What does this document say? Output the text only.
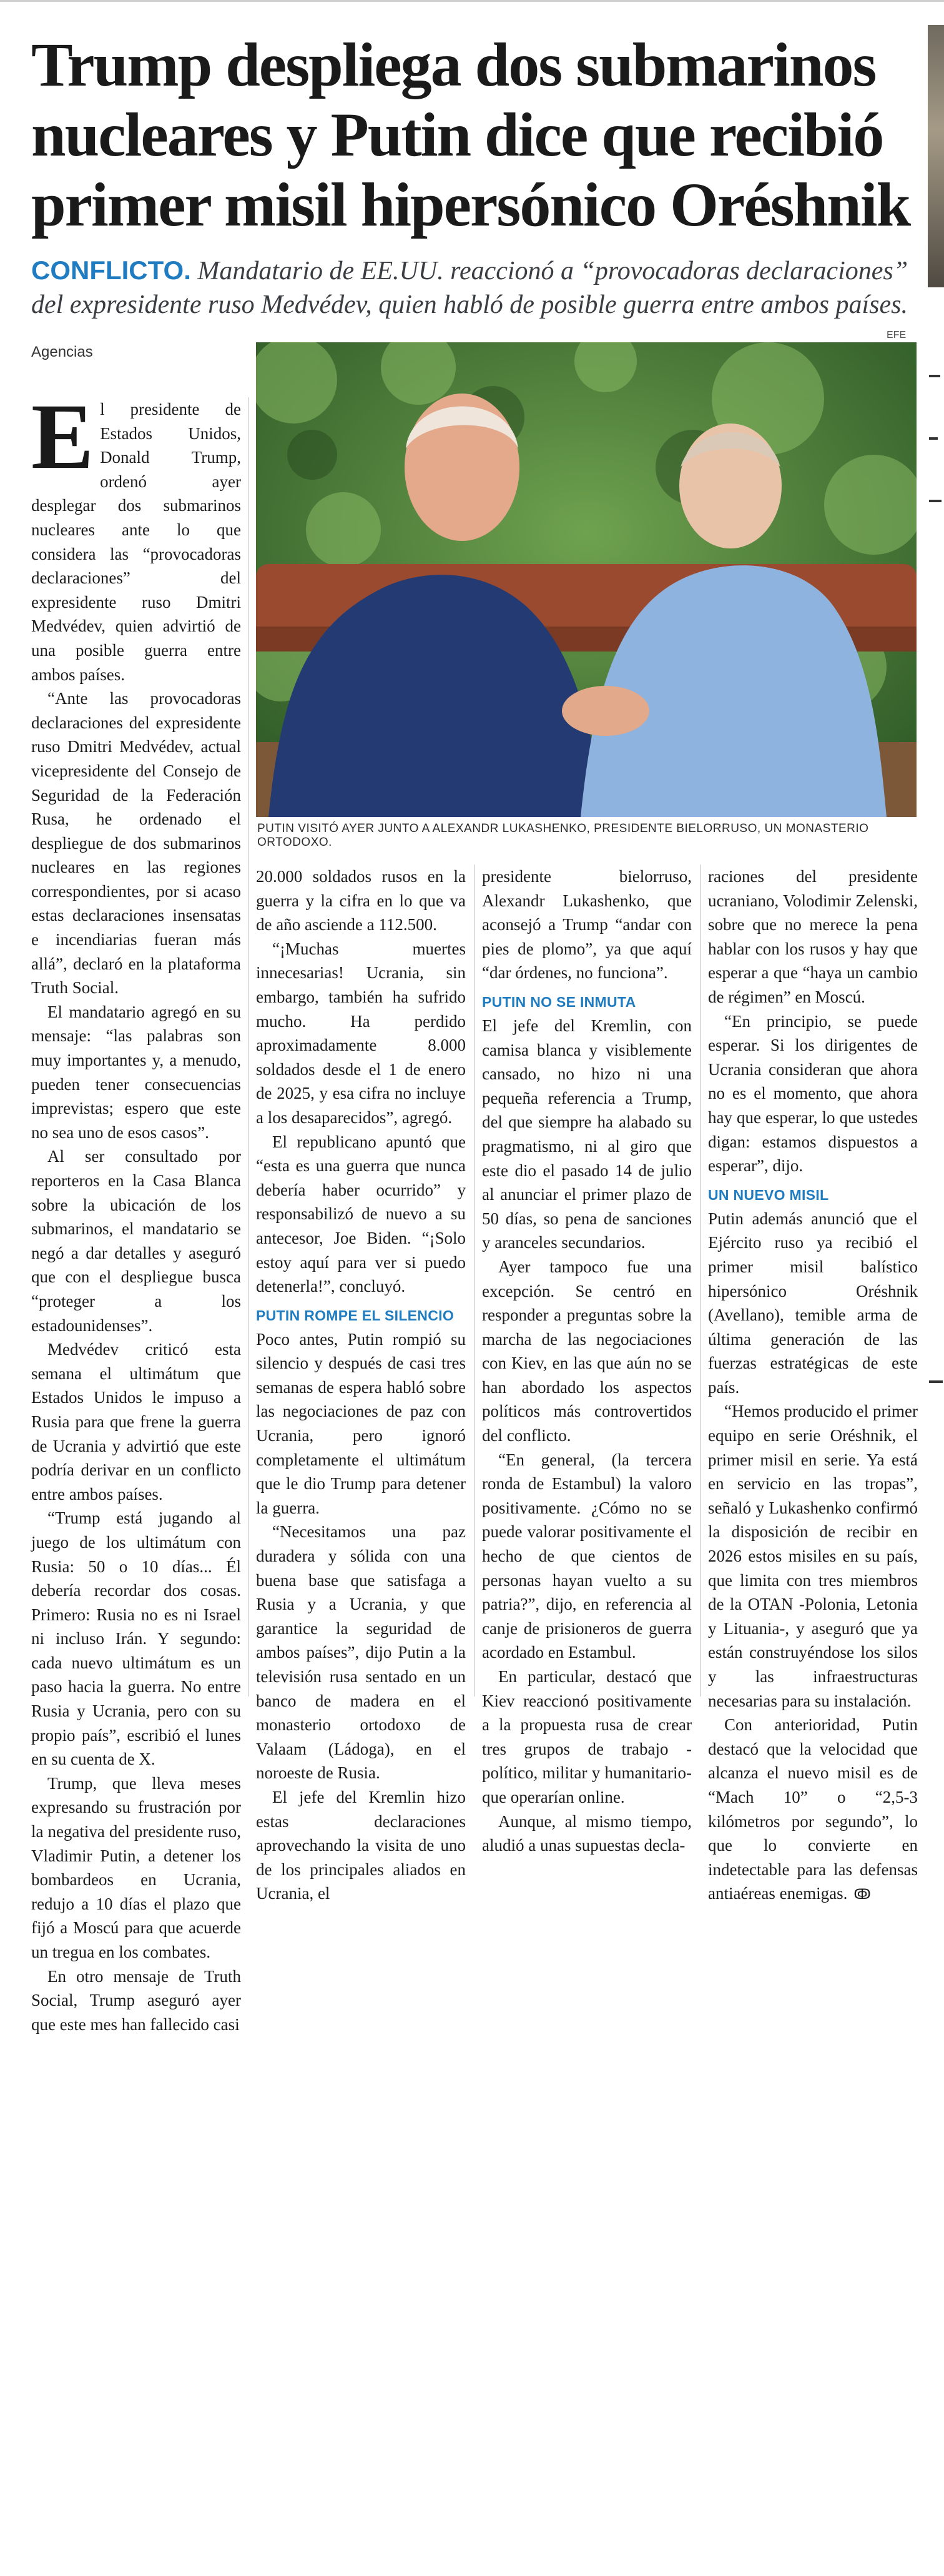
Trump despliega dos submarinos nucleares y Putin dice que recibió primer misil hipersónico Oréshnik

CONFLICTO. Mandatario de EE.UU. reaccionó a “provocadoras declaraciones” del expresidente ruso Medvédev, quien habló de posible guerra entre ambos países.

Agencias
EFE
PUTIN VISITÓ AYER JUNTO A ALEXANDR LUKASHENKO, PRESIDENTE BIELORRUSO, UN MONASTERIO ORTODOXO.
E l presidente de Estados Unidos, Donald Trump, ordenó ayer desplegar dos submarinos nucleares ante lo que considera las “provocadoras declaraciones” del expresidente ruso Dmitri Medvédev, quien advirtió de una posible guerra entre ambos países.

“Ante las provocadoras declaraciones del expresidente ruso Dmitri Medvédev, actual vicepresidente del Consejo de Seguridad de la Federación Rusa, he ordenado el despliegue de dos submarinos nucleares en las regiones correspondientes, por si acaso estas declaraciones insensatas e incendiarias fueran más allá”, declaró en la plataforma Truth Social.

El mandatario agregó en su mensaje: “las palabras son muy importantes y, a menudo, pueden tener consecuencias imprevistas; espero que este no sea uno de esos casos”.

Al ser consultado por reporteros en la Casa Blanca sobre la ubicación de los submarinos, el mandatario se negó a dar detalles y aseguró que con el despliegue busca “proteger a los estadounidenses”.

Medvédev criticó esta semana el ultimátum que Estados Unidos le impuso a Rusia para que frene la guerra de Ucrania y advirtió que este podría derivar en un conflicto entre ambos países.

“Trump está jugando al juego de los ultimátum con Rusia: 50 o 10 días... Él debería recordar dos cosas. Primero: Rusia no es ni Israel ni incluso Irán. Y segundo: cada nuevo ultimátum es un paso hacia la guerra. No entre Rusia y Ucrania, pero con su propio país”, escribió el lunes en su cuenta de X.

Trump, que lleva meses expresando su frustración por la negativa del presidente ruso, Vladimir Putin, a detener los bombardeos en Ucrania, redujo a 10 días el plazo que fijó a Moscú para que acuerde un tregua en los combates.

En otro mensaje de Truth Social, Trump aseguró ayer que este mes han fallecido casi

20.000 soldados rusos en la guerra y la cifra en lo que va de año asciende a 112.500.

“¡Muchas muertes innecesarias! Ucrania, sin embargo, también ha sufrido mucho. Ha perdido aproximadamente 8.000 soldados desde el 1 de enero de 2025, y esa cifra no incluye a los desaparecidos”, agregó.

El republicano apuntó que “esta es una guerra que nunca debería haber ocurrido” y responsabilizó de nuevo a su antecesor, Joe Biden. “¡Solo estoy aquí para ver si puedo detenerla!”, concluyó.

PUTIN ROMPE EL SILENCIO

Poco antes, Putin rompió su silencio y después de casi tres semanas de espera habló sobre las negociaciones de paz con Ucrania, pero ignoró completamente el ultimátum que le dio Trump para detener la guerra.

“Necesitamos una paz duradera y sólida con una buena base que satisfaga a Rusia y a Ucrania, y que garantice la seguridad de ambos países”, dijo Putin a la televisión rusa sentado en un banco de madera en el monasterio ortodoxo de Valaam (Ládoga), en el noroeste de Rusia.

El jefe del Kremlin hizo estas declaraciones aprovechando la visita de uno de los principales aliados en Ucrania, el

presidente bielorruso, Alexandr Lukashenko, que aconsejó a Trump “andar con pies de plomo”, ya que aquí “dar órdenes, no funciona”.

PUTIN NO SE INMUTA

El jefe del Kremlin, con camisa blanca y visiblemente cansado, no hizo ni una pequeña referencia a Trump, del que siempre ha alabado su pragmatismo, ni al giro que este dio el pasado 14 de julio al anunciar el primer plazo de 50 días, so pena de sanciones y aranceles secundarios.

Ayer tampoco fue una excepción. Se centró en responder a preguntas sobre la marcha de las negociaciones con Kiev, en las que aún no se han abordado los aspectos políticos más controvertidos del conflicto.

“En general, (la tercera ronda de Estambul) la valoro positivamente. ¿Cómo no se puede valorar positivamente el hecho de que cientos de personas hayan vuelto a su patria?”, dijo, en referencia al canje de prisioneros de guerra acordado en Estambul.

En particular, destacó que Kiev reaccionó positivamente a la propuesta rusa de crear tres grupos de trabajo -político, militar y humanitario- que operarían online.

Aunque, al mismo tiempo, aludió a unas supuestas decla-

raciones del presidente ucraniano, Volodimir Zelenski, sobre que no merece la pena hablar con los rusos y hay que esperar a que “haya un cambio de régimen” en Moscú.

“En principio, se puede esperar. Si los dirigentes de Ucrania consideran que ahora no es el momento, que ahora hay que esperar, lo que ustedes digan: estamos dispuestos a esperar”, dijo.

UN NUEVO MISIL

Putin además anunció que el Ejército ruso ya recibió el primer misil balístico hipersónico Oréshnik (Avellano), temible arma de última generación de las fuerzas estratégicas de este país.

“Hemos producido el primer equipo en serie Oréshnik, el primer misil en serie. Ya está en servicio en las tropas”, señaló y Lukashenko confirmó la disposición de recibir en 2026 estos misiles en su país, que limita con tres miembros de la OTAN -Polonia, Letonia y Lituania-, y aseguró que ya están construyéndose los silos y las infraestructuras necesarias para su instalación.

Con anterioridad, Putin destacó que la velocidad que alcanza el nuevo misil es de “Mach 10” o “2,5-3 kilómetros por segundo”, lo que lo convierte en indetectable para las defensas antiaéreas enemigas. ↂ
